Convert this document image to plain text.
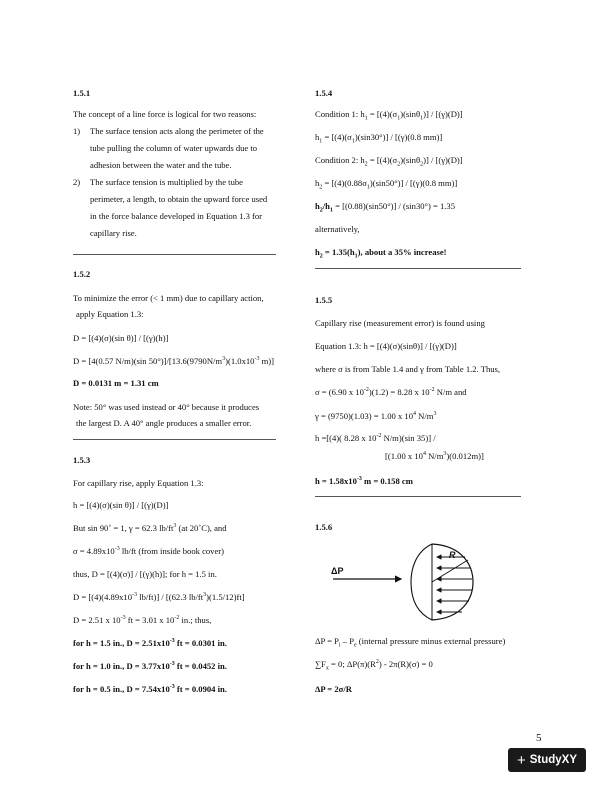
1.5.1
The concept of a line force is logical for two reasons:
1) The surface tension acts along the perimeter of the
tube pulling the column of water upwards due to
adhesion between the water and the tube.
2) The surface tension is multiplied by the tube
perimeter, a length, to obtain the upward force used
in the force balance developed in Equation 1.3 for
capillary rise.
1.5.2
To minimize the error (< 1 mm) due to capillary action,
apply Equation 1.3:
D = [(4)(σ)(sin θ)] / [(γ)(h)]
D = [4(0.57 N/m)(sin $50^\circ)]/[13.6(9790N/m^3)(1.0x10^{-3}$ m)]
D = 0.0131 m = 1.31 cm
Note: 50° was used instead or 40° because it produces
the largest D. A 40° angle produces a smaller error.
1.5.3
For capillary rise, apply Equation 1.3:
h = [(4)(σ)(sin θ)] / [(γ)(D)]
But sin 90˚ = 1, γ = 62.3 $lb/ft^3$ (at 20˚C), and
$\sigma = 4.89x10^{-3}$ lb/ft (from inside book cover)
thus, D = [(4)(σ)] / [(γ)(h)]; for h = 1.5 in.
$D = [(4)(4.89x10^{-3}$ lb/ft)] / [(62.3 $lb/ft^3)(1.5/12)ft$]
D = 2.51 x $10^{-3}$ ft = 3.01 x $10^{-2}$ in.; thus,
for h = 1.5 in., $D = 2.51x10^{-3}$ ft = 0.0301 in.
for h = 1.0 in., $D = 3.77x10^{-3}$ ft = 0.0452 in.
for h = 0.5 in., $D = 7.54x10^{-3}$ ft = 0.0904 in.
1.5.4
Condition 1: $h_1 = [(4)(\sigma_1)(\sin\theta_1)] / [(\gamma)(D)]$
$h_1 = [(4)(\sigma_1)(\sin 30^\circ)] / [(\gamma)(0.8$ mm)]
Condition 2: $h_2 = [(4)(\sigma_2)(\sin\theta_2)] / [(\gamma)(D)]$
$h_2 = [(4)(0.88\sigma_1)(\sin 50^\circ)] / [(\gamma)(0.8$ mm)]
$h_2/h_1 = [(0.88)(\sin 50^\circ)] / (\sin 30^\circ) = 1.35$
alternatively,
$h_2 = 1.35(h_1)$, about a 35% increase!
1.5.5
Capillary rise (measurement error) is found using
Equation 1.3: h = [(4)(σ)(sinθ)] / [(γ)(D)]
where σ is from Table 1.4 and γ from Table 1.2. Thus,
σ = (6.90 x $10^{-2})(1.2) = 8.28$ x $10^{-2}$ N/m and
γ = (9750)(1.03) = 1.00 x $10^4$ $N/m^3$
h =[(4)( 8.28 x $10^{-2}$ N/m)(sin 35)] /
[(1.00 x $10^4$ $N/m^3)(0.012m)$]
$h = 1.58x10^{-3}$ m = 0.158 cm
1.5.6
R
ΔP
$\Delta P = P_i - P_e$ (internal pressure minus external pressure)
$\sum F_x = 0$; $\Delta P(\pi)(R^2) - 2\pi(R)(\sigma) = 0$
ΔP = 2σ/R
5
+ StudyXY
